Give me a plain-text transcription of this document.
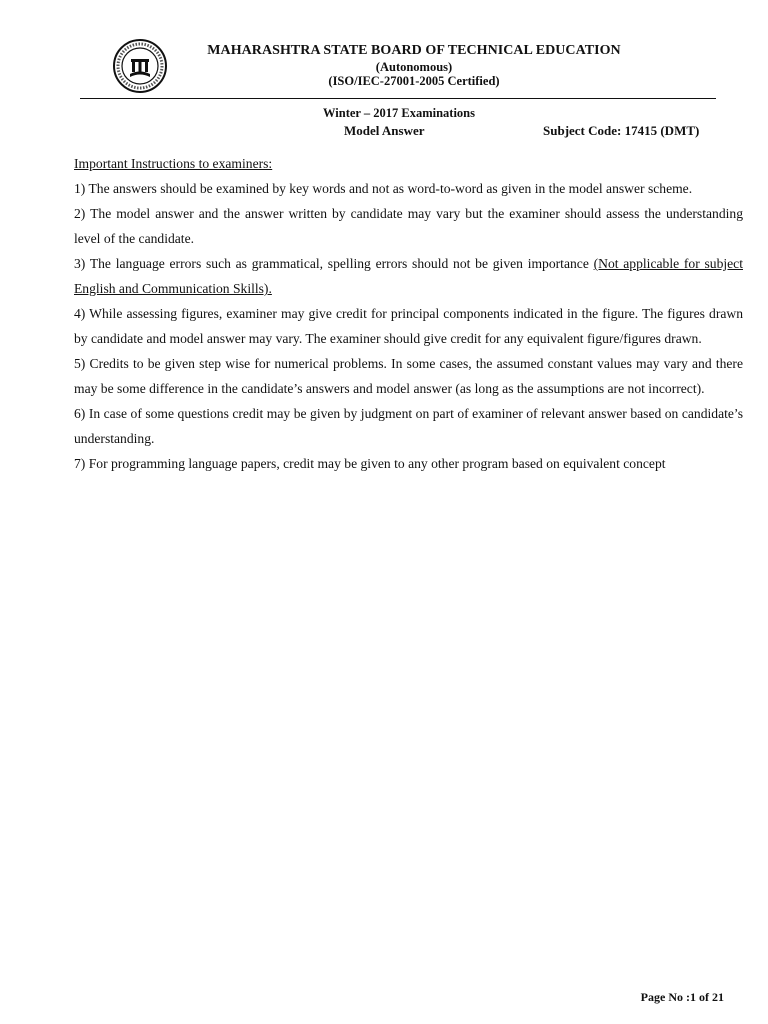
MAHARASHTRA STATE BOARD OF TECHNICAL EDUCATION
(Autonomous)
(ISO/IEC-27001-2005 Certified)
Winter – 2017 Examinations
Model Answer	Subject Code: 17415 (DMT)

Important Instructions to examiners:

1) The answers should be examined by key words and not as word-to-word as given in the model answer scheme.

2) The model answer and the answer written by candidate may vary but the examiner should assess the understanding level of the candidate.

3) The language errors such as grammatical, spelling errors should not be given importance (Not applicable for subject English and Communication Skills).

4) While assessing figures, examiner may give credit for principal components indicated in the figure. The figures drawn by candidate and model answer may vary. The examiner should give credit for any equivalent figure/figures drawn.

5) Credits to be given step wise for numerical problems. In some cases, the assumed constant values may vary and there may be some difference in the candidate’s answers and model answer (as long as the assumptions are not incorrect).

6) In case of some questions credit may be given by judgment on part of examiner of relevant answer based on candidate’s understanding.

7) For programming language papers, credit may be given to any other program based on equivalent concept

Page No :1 of 21
